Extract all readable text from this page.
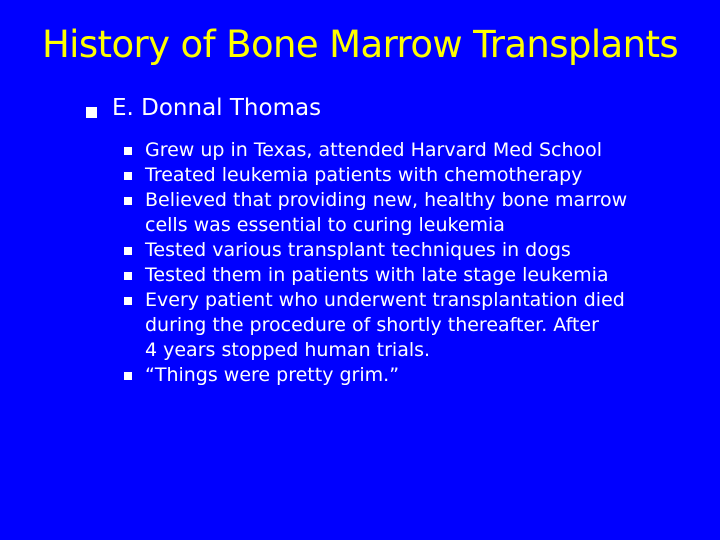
History of Bone Marrow Transplants
E. Donnal Thomas
Grew up in Texas, attended Harvard Med School
Treated leukemia patients with chemotherapy
Believed that providing new, healthy bone marrow
cells was essential to curing leukemia
Tested various transplant techniques in dogs
Tested them in patients with late stage leukemia
Every patient who underwent transplantation died
during the procedure of shortly thereafter. After
4 years stopped human trials.
“Things were pretty grim.”
